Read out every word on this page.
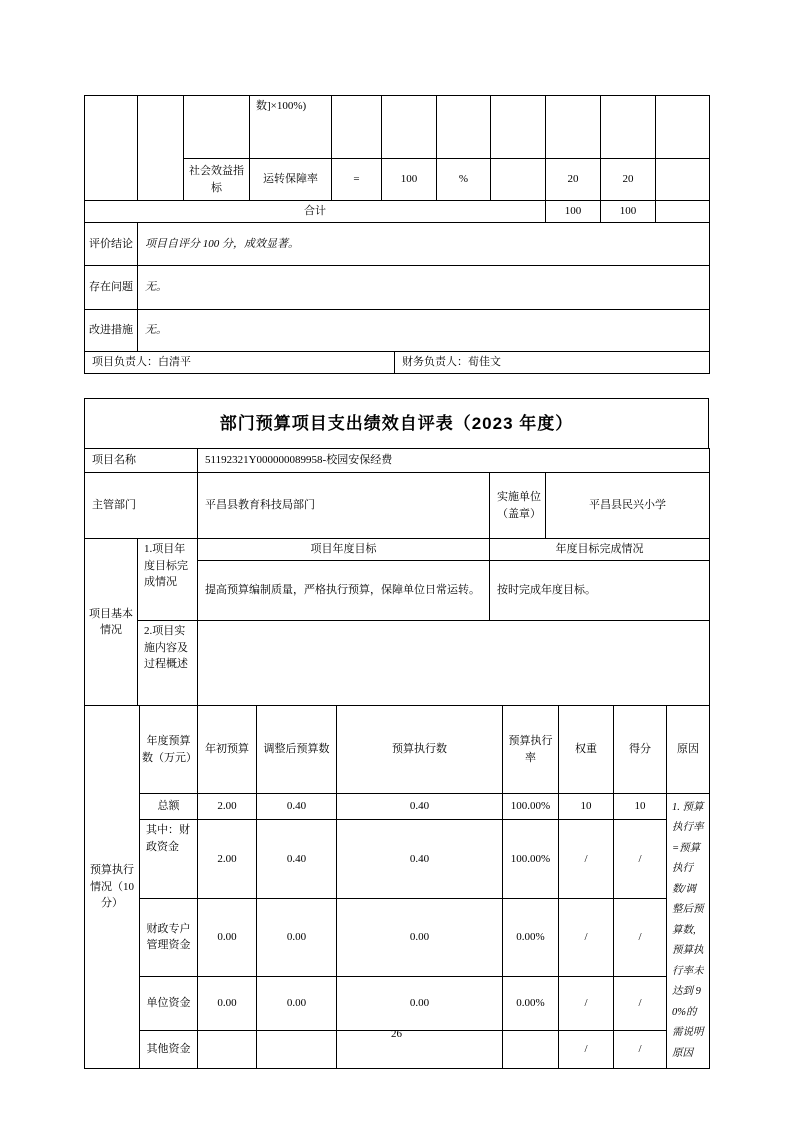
			数]×100%)							
		社会效益指标	运转保障率	=	100	%		20	20	
合计								100	100	
评价结论	项目自评分 100 分，成效显著。									
存在问题	无。									
改进措施	无。									

项目负责人：白清平 财务负责人：荀佳文										
部门预算项目支出绩效自评表（2023 年度）
项目名称	51192321Y000000089958-校园安保经费		
主管部门	平昌县教育科技局部门	实施单位（盖章）	平昌县民兴小学
项目基本情况	1.项目年度目标完成情况	项目年度目标	年度目标完成情况
		提高预算编制质量，严格执行预算，保障单位日常运转。	按时完成年度目标。
	2.项目实施内容及过程概述		
预算执行情况（10 分）	年度预算数（万元）	年初预算	调整后预算数	预算执行数	预算执行率	权重	得分	原因
	总额	2.00	0.40	0.40	100.00%	10	10	1. 预算执行率=预算执行数/调整后预算数,预算执行率未达到 90%的需说明原因
	其中：财政资金	2.00	0.40	0.40	100.00%	/	/	
	财政专户管理资金	0.00	0.00	0.00	0.00%	/	/	
	单位资金	0.00	0.00	0.00	0.00%	/	/	
	其他资金					/	/	
26
